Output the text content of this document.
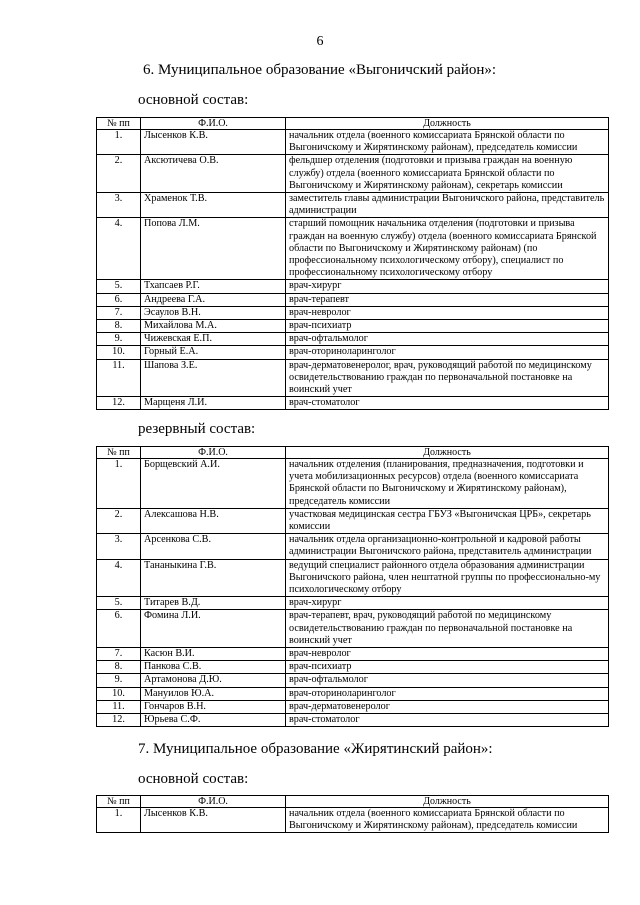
6
6. Муниципальное образование «Выгоничский район»:
основной состав:
№ пп	Ф.И.О.	Должность
1.	Лысенков К.В.	начальник отдела (военного комиссариата Брянской области по Выгоничскому и Жирятинскому районам), председатель комиссии
2.	Аксютичева О.В.	фельдшер отделения (подготовки и призыва граждан на военную службу) отдела (военного комиссариата Брянской области по Выгоничскому и Жирятинскому районам), секретарь комиссии
3.	Храменок Т.В.	заместитель главы администрации Выгоничского района, представитель администрации
4.	Попова Л.М.	старший помощник начальника отделения (подготовки и призыва граждан на военную службу) отдела (военного комиссариата Брянской области по Выгоничскому и Жирятинскому районам) (по профессиональному психологическому отбору), специалист по профессиональному психологическому отбору
5.	Тхапсаев Р.Г.	врач-хирург
6.	Андреева Г.А.	врач-терапевт
7.	Эсаулов В.Н.	врач-невролог
8.	Михайлова М.А.	врач-психиатр
9.	Чижевская Е.П.	врач-офтальмолог
10.	Горный Е.А.	врач-оториноларинголог
11.	Шапова З.Е.	врач-дерматовенеролог, врач, руководящий работой по медицинскому освидетельствованию граждан по первоначальной постановке на воинский учет
12.	Марщеня Л.И.	врач-стоматолог
резервный состав:
№ пп	Ф.И.О.	Должность
1.	Борщевский А.И.	начальник отделения (планирования, предназначения, подготовки и учета мобилизационных ресурсов) отдела (военного комиссариата Брянской области по Выгоничскому и Жирятинскому районам), председатель комиссии
2.	Алексашова Н.В.	участковая медицинская сестра ГБУЗ «Выгоничская ЦРБ», секретарь комиссии
3.	Арсенкова С.В.	начальник отдела организационно-контрольной и кадровой работы администрации Выгоничского района, представитель администрации
4.	Тананыкина Г.В.	ведущий специалист районного отдела образования администрации Выгоничского района, член нештатной группы по профессионально-му психологическому отбору
5.	Титарев В.Д.	врач-хирург
6.	Фомина Л.И.	врач-терапевт, врач, руководящий работой по медицинскому освидетельствованию граждан по первоначальной постановке на воинский учет
7.	Касюн В.И.	врач-невролог
8.	Панкова С.В.	врач-психиатр
9.	Артамонова Д.Ю.	врач-офтальмолог
10.	Мануилов Ю.А.	врач-оториноларинголог
11.	Гончаров В.Н.	врач-дерматовенеролог
12.	Юрьева С.Ф.	врач-стоматолог
7. Муниципальное образование «Жирятинский район»:
основной состав:
№ пп	Ф.И.О.	Должность
1.	Лысенков К.В.	начальник отдела (военного комиссариата Брянской области по Выгоничскому и Жирятинскому районам), председатель комиссии
